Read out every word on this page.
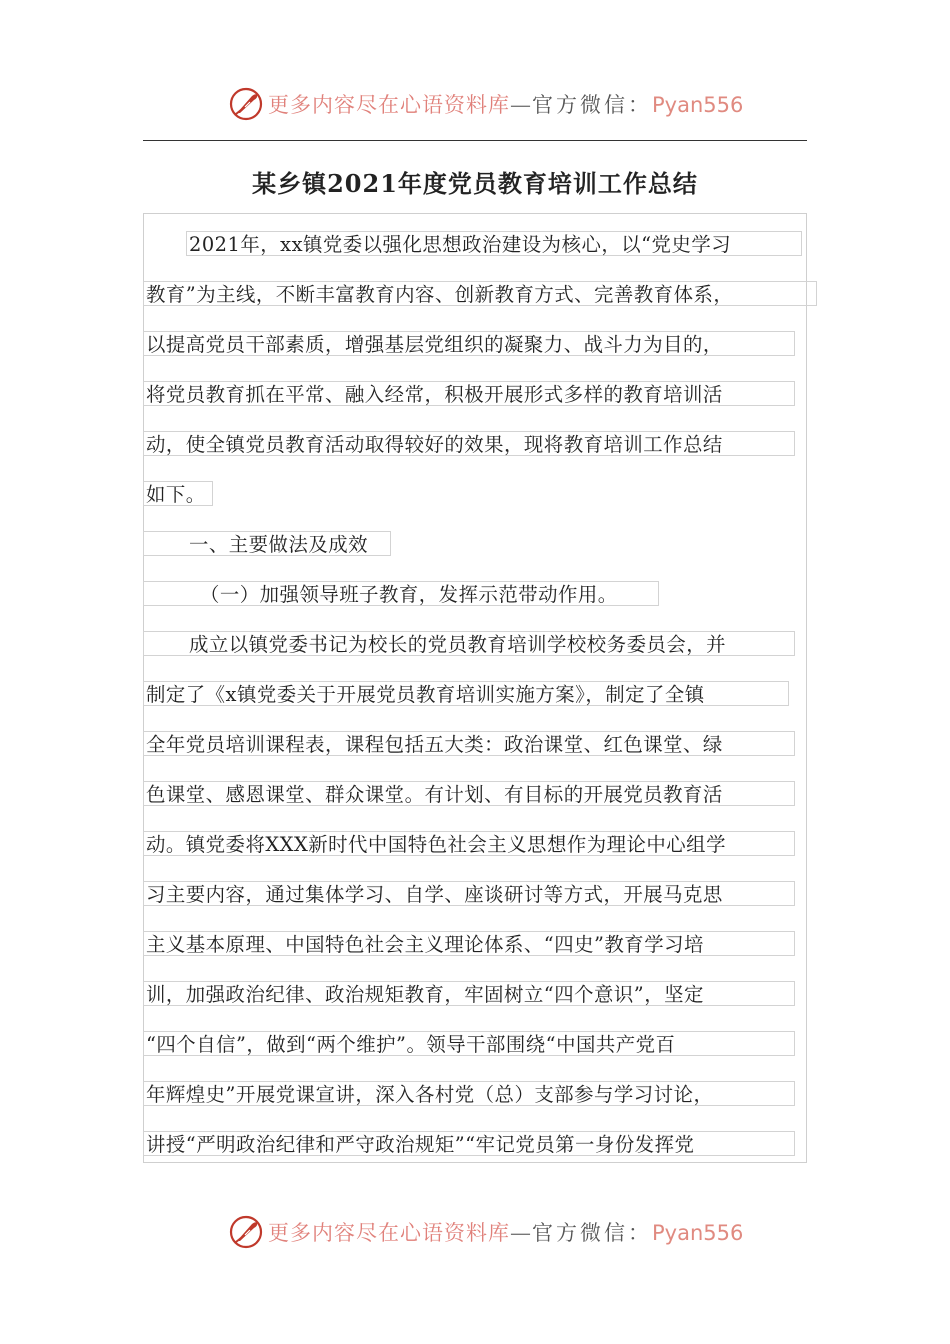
更多内容尽在心语资料库—官方微信：Pyan556
某乡镇2021年度党员教育培训工作总结
2021年，xx镇党委以强化思想政治建设为核心，以“党史学习
教育”为主线，不断丰富教育内容、创新教育方式、完善教育体系，
以提高党员干部素质，增强基层党组织的凝聚力、战斗力为目的，
将党员教育抓在平常、融入经常，积极开展形式多样的教育培训活
动，使全镇党员教育活动取得较好的效果，现将教育培训工作总结
如下。
一、主要做法及成效
（一）加强领导班子教育，发挥示范带动作用。
成立以镇党委书记为校长的党员教育培训学校校务委员会，并
制定了《x镇党委关于开展党员教育培训实施方案》，制定了全镇
全年党员培训课程表，课程包括五大类：政治课堂、红色课堂、绿
色课堂、感恩课堂、群众课堂。有计划、有目标的开展党员教育活
动。镇党委将XXX新时代中国特色社会主义思想作为理论中心组学
习主要内容，通过集体学习、自学、座谈研讨等方式，开展马克思
主义基本原理、中国特色社会主义理论体系、“四史”教育学习培
训，加强政治纪律、政治规矩教育，牢固树立“四个意识”，坚定
“四个自信”，做到“两个维护”。领导干部围绕“中国共产党百
年辉煌史”开展党课宣讲，深入各村党（总）支部参与学习讨论，
讲授“严明政治纪律和严守政治规矩”“牢记党员第一身份发挥党
更多内容尽在心语资料库—官方微信：Pyan556
